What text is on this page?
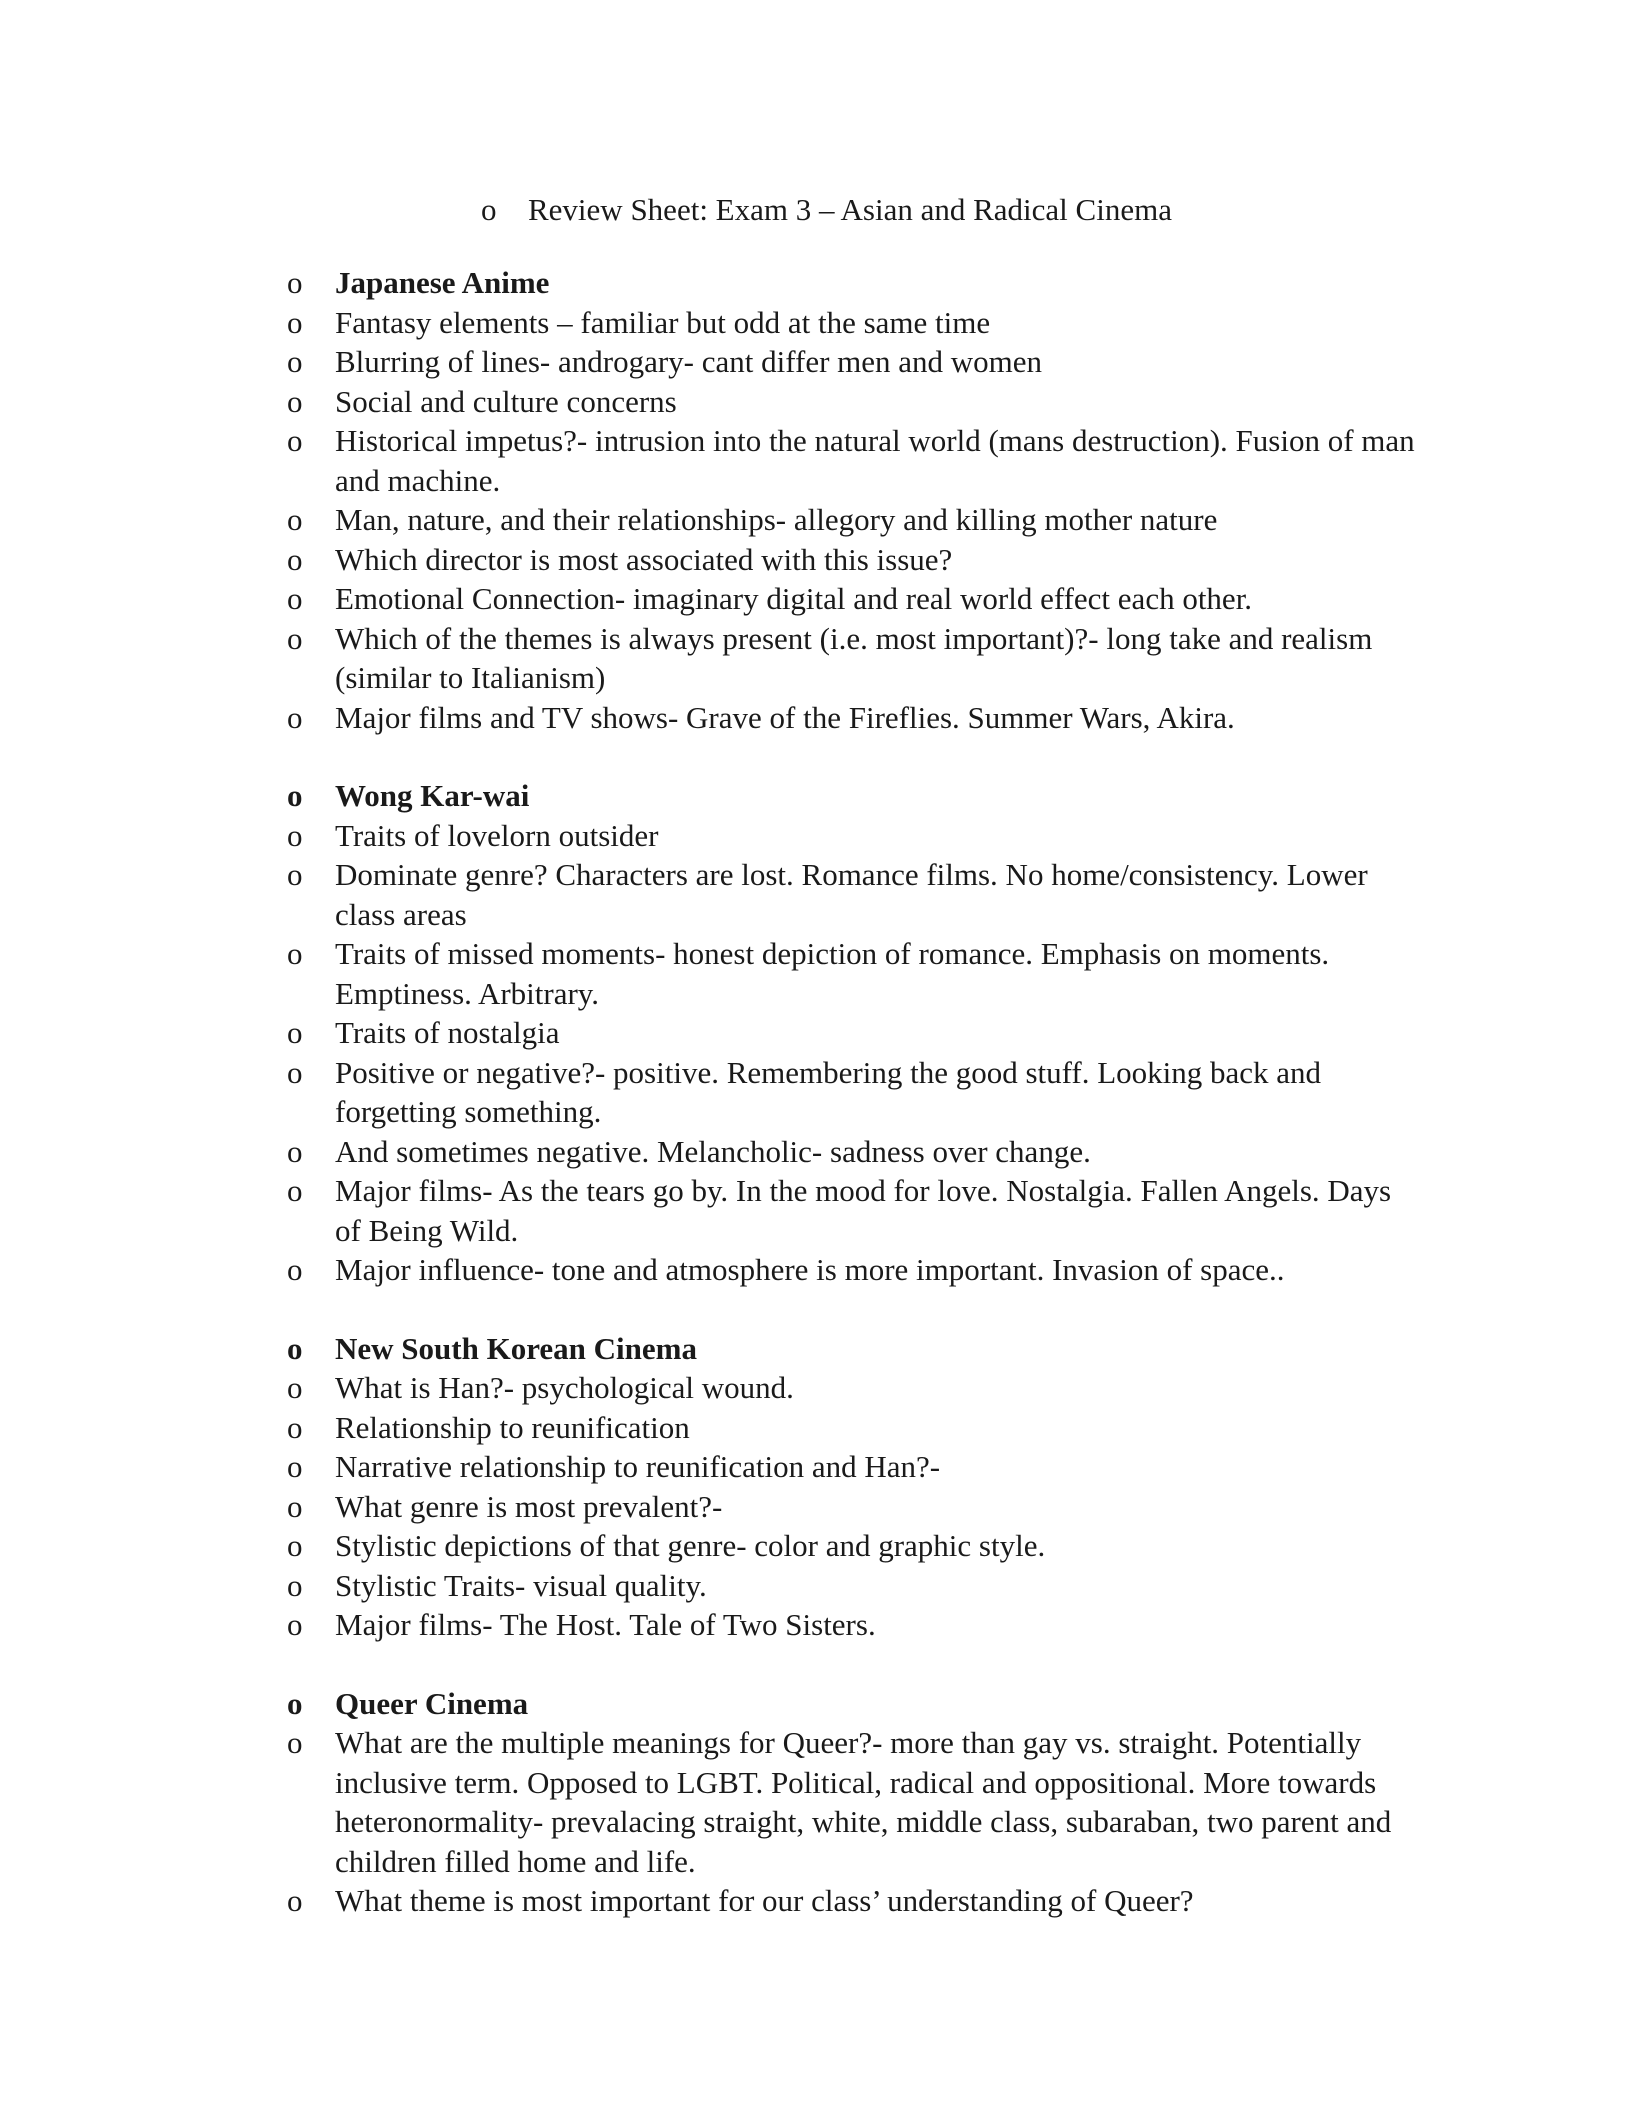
o Review Sheet: Exam 3 – Asian and Radical Cinema
o	Japanese Anime
o	Fantasy elements – familiar but odd at the same time
o	Blurring of lines- androgary- cant differ men and women
o	Social and culture concerns
o	Historical impetus?- intrusion into the natural world (mans destruction). Fusion of man and machine.
o	Man, nature, and their relationships- allegory and killing mother nature
o	Which director is most associated with this issue?
o	Emotional Connection- imaginary digital and real world effect each other.
o	Which of the themes is always present (i.e. most important)?- long take and realism (similar to Italianism)
o	Major films and TV shows- Grave of the Fireflies. Summer Wars, Akira.
o	Wong Kar-wai
o	Traits of lovelorn outsider
o	Dominate genre? Characters are lost. Romance films. No home/consistency. Lower class areas
o	Traits of missed moments- honest depiction of romance. Emphasis on moments. Emptiness. Arbitrary.
o	Traits of nostalgia
o	Positive or negative?- positive. Remembering the good stuff. Looking back and forgetting something.
o	And sometimes negative. Melancholic- sadness over change.
o	Major films- As the tears go by. In the mood for love. Nostalgia. Fallen Angels. Days of Being Wild.
o	Major influence- tone and atmosphere is more important. Invasion of space..
o	New South Korean Cinema
o	What is Han?- psychological wound.
o	Relationship to reunification
o	Narrative relationship to reunification and Han?-
o	What genre is most prevalent?-
o	Stylistic depictions of that genre- color and graphic style.
o	Stylistic Traits- visual quality.
o	Major films- The Host. Tale of Two Sisters.
o	Queer Cinema
o	What are the multiple meanings for Queer?- more than gay vs. straight. Potentially inclusive term. Opposed to LGBT. Political, radical and oppositional. More towards heteronormality- prevalacing straight, white, middle class, subaraban, two parent and children filled home and life.
o	What theme is most important for our class’ understanding of Queer?
